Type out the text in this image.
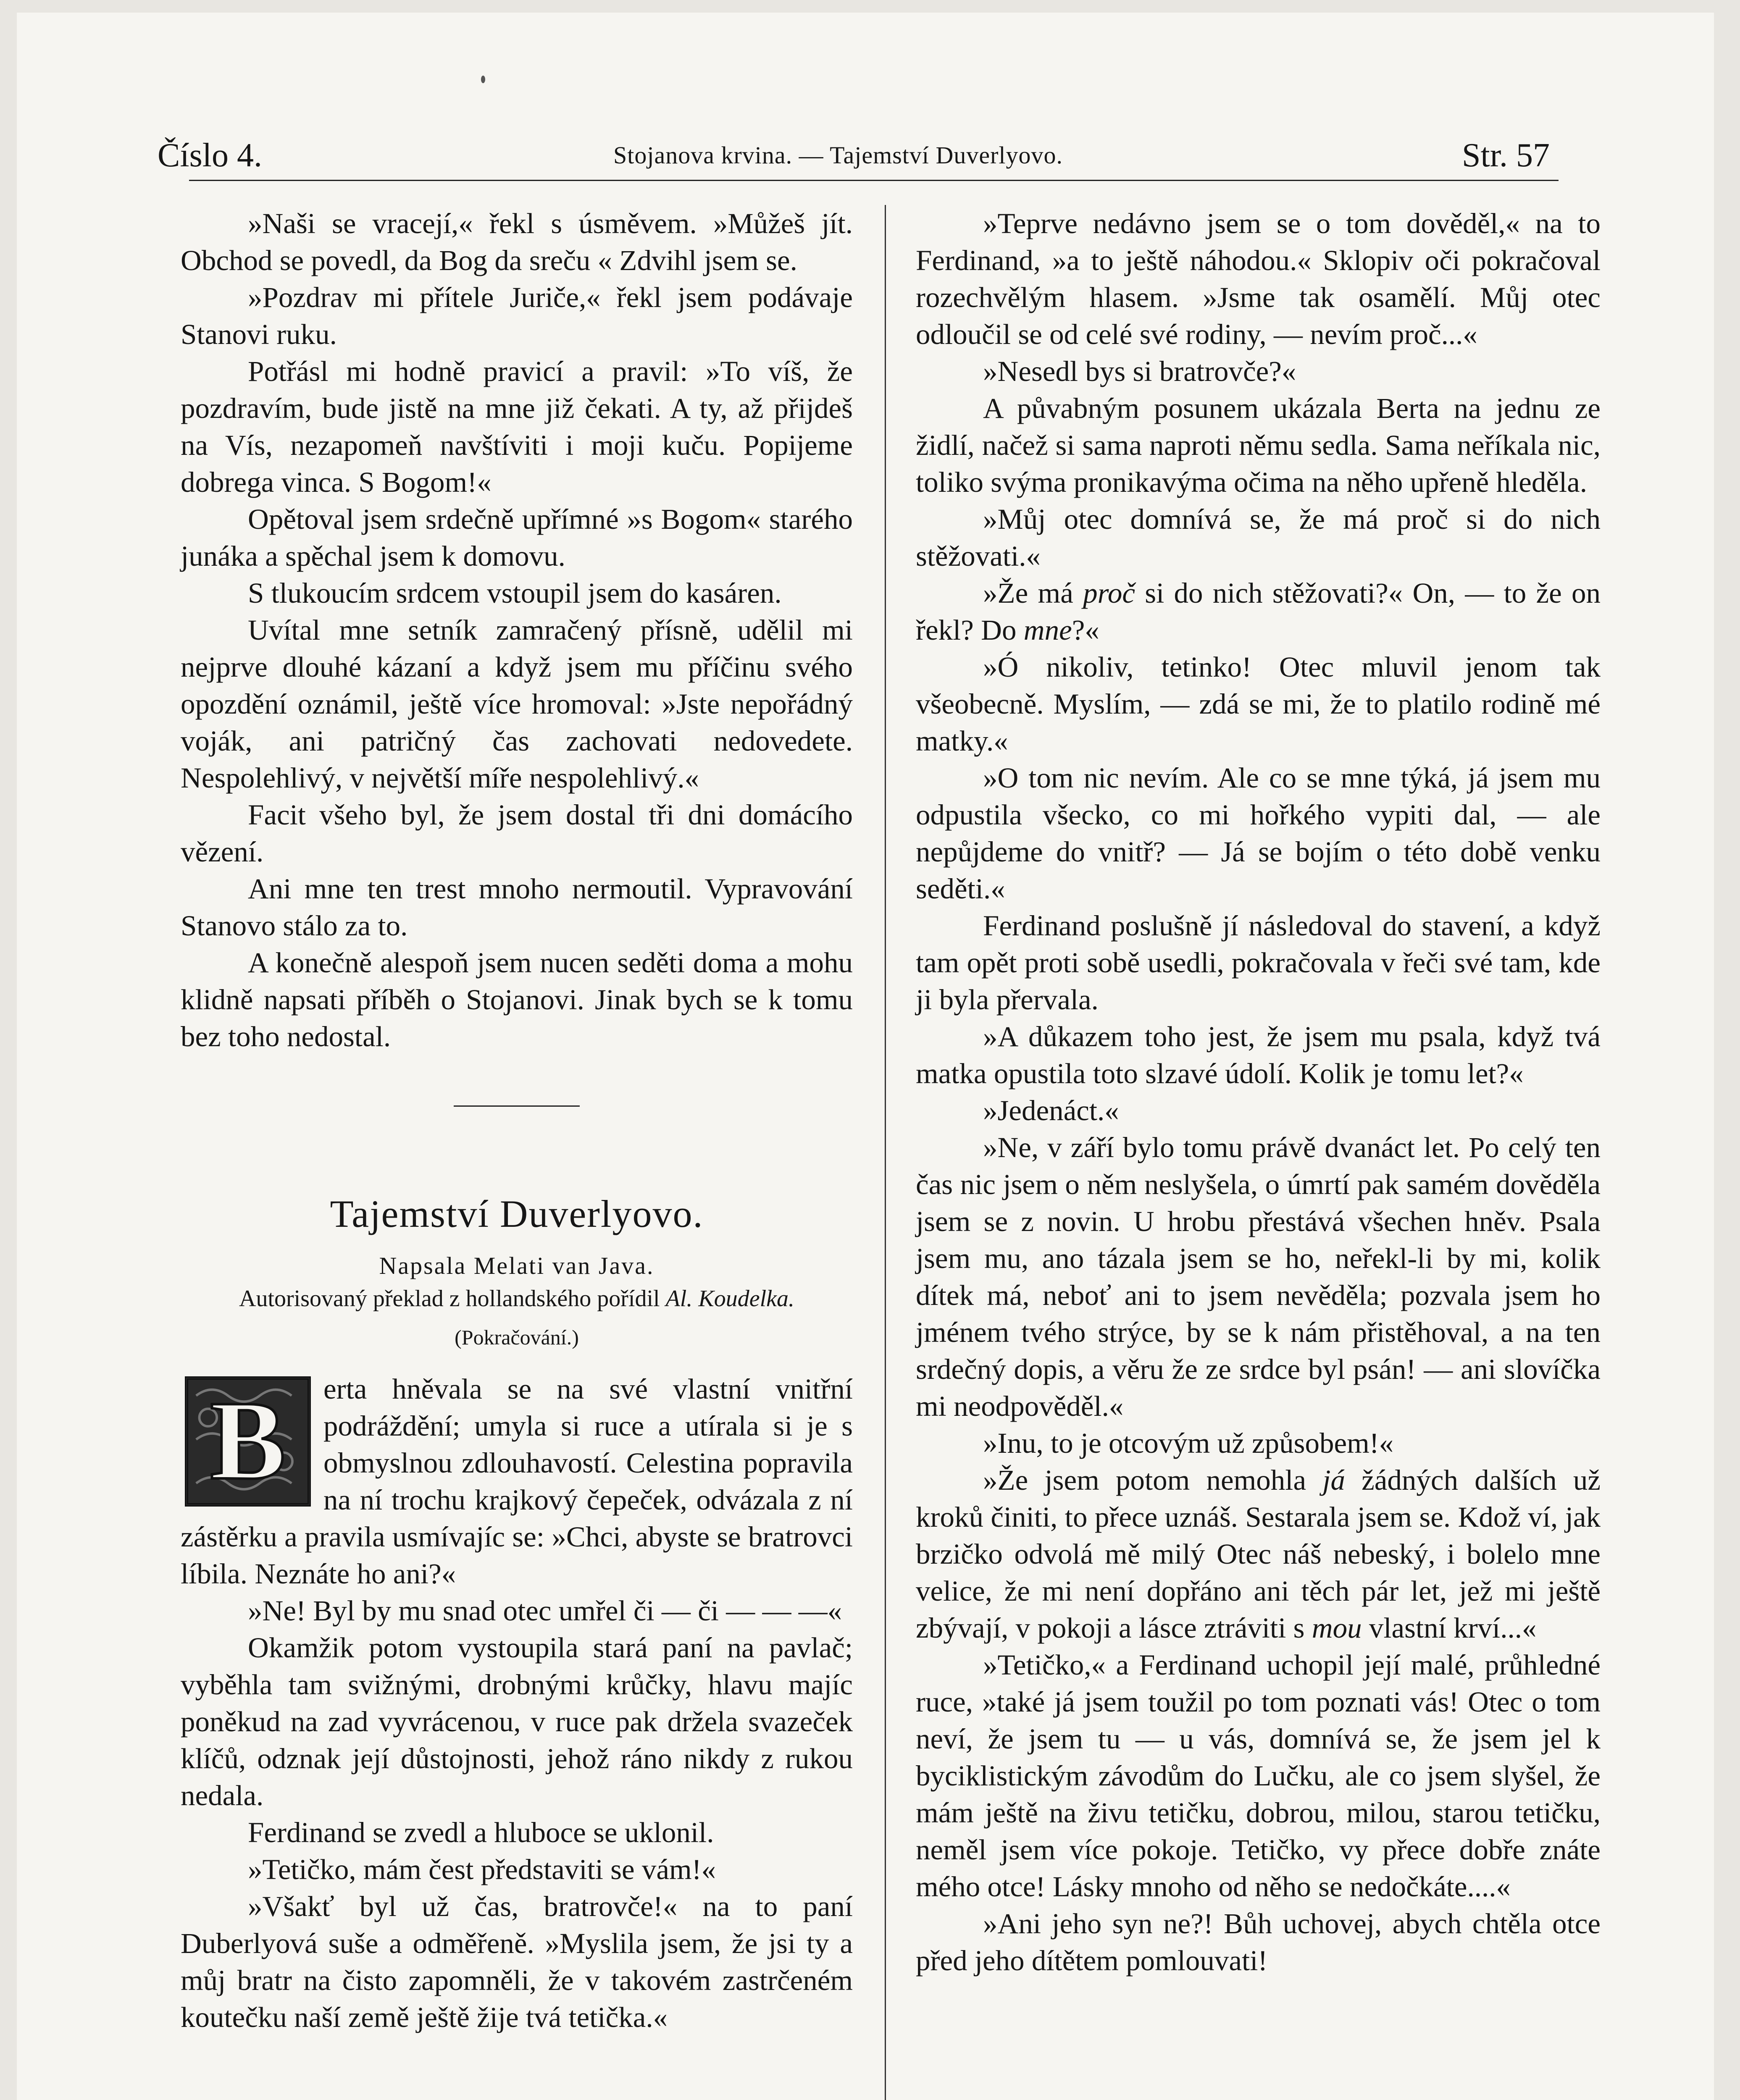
Číslo 4.	Stojanova krvina. — Tajemství Duverlyovo.	Str. 57

»Naši se vracejí,« řekl s úsměvem. »Můžeš jít. Obchod se povedl, da Bog da sreču « Zdvihl jsem se.

»Pozdrav mi přítele Juriče,« řekl jsem podávaje Stanovi ruku.

Potřásl mi hodně pravicí a pravil: »To víš, že pozdravím, bude jistě na mne již čekati. A ty, až přijdeš na Vís, nezapomeň navštíviti i moji kuču. Popijeme dobrega vinca. S Bogom!«

Opětoval jsem srdečně upřímné »s Bogom« starého junáka a spěchal jsem k domovu.

S tlukoucím srdcem vstoupil jsem do kasáren.

Uvítal mne setník zamračený přísně, udělil mi nejprve dlouhé kázaní a když jsem mu příčinu svého opozdění oznámil, ještě více hromoval: »Jste nepořádný voják, ani patričný čas zachovati nedovedete. Nespolehlivý, v největší míře nespolehlivý.«

Facit všeho byl, že jsem dostal tři dni domácího vězení.

Ani mne ten trest mnoho nermoutil. Vypravování Stanovo stálo za to.

A konečně alespoň jsem nucen seděti doma a mohu klidně napsati příběh o Stojanovi. Jinak bych se k tomu bez toho nedostal.

Tajemství Duverlyovo.

Napsala Melati van Java.

Autorisovaný překlad z hollandského pořídil Al. Koudelka.

(Pokračování.)

B	erta hněvala se na své vlastní vnitřní podráždění; umyla si ruce a utírala si je s obmyslnou zdlouhavostí. Celestina popravila na ní trochu krajkový čepeček, odvázala z ní zástěrku a pravila usmívajíc se: »Chci, abyste se bratrovci líbila. Neznáte ho ani?«

»Ne! Byl by mu snad otec umřel či — či — — —«

Okamžik potom vystoupila stará paní na pavlač; vyběhla tam svižnými, drobnými krůčky, hlavu majíc poněkud na zad vyvrácenou, v ruce pak držela svazeček klíčů, odznak její důstojnosti, jehož ráno nikdy z rukou nedala.

Ferdinand se zvedl a hluboce se uklonil.

»Tetičko, mám čest představiti se vám!«

»Všakť byl už čas, bratrovče!« na to paní Duberlyová suše a odměřeně. »Myslila jsem, že jsi ty a můj bratr na čisto zapomněli, že v takovém zastrčeném koutečku naší země ještě žije tvá tetička.«

»Teprve nedávno jsem se o tom dověděl,« na to Ferdinand, »a to ještě náhodou.« Sklopiv oči pokračoval rozechvělým hlasem. »Jsme tak osamělí. Můj otec odloučil se od celé své rodiny, — nevím proč...«

»Nesedl bys si bratrovče?«

A půvabným posunem ukázala Berta na jednu ze židlí, načež si sama naproti němu sedla. Sama neříkala nic, toliko svýma pronikavýma očima na něho upřeně hleděla.

»Můj otec domnívá se, že má proč si do nich stěžovati.«

»Že má proč si do nich stěžovati?« On, — to že on řekl? Do mne?«

»Ó nikoliv, tetinko! Otec mluvil jenom tak všeobecně. Myslím, — zdá se mi, že to platilo rodině mé matky.«

»O tom nic nevím. Ale co se mne týká, já jsem mu odpustila všecko, co mi hořkého vypiti dal, — ale nepůjdeme do vnitř? — Já se bojím o této době venku seděti.«

Ferdinand poslušně jí následoval do stavení, a když tam opět proti sobě usedli, pokračovala v řeči své tam, kde ji byla přervala.

»A důkazem toho jest, že jsem mu psala, když tvá matka opustila toto slzavé údolí. Kolik je tomu let?«

»Jedenáct.«

»Ne, v září bylo tomu právě dvanáct let. Po celý ten čas nic jsem o něm neslyšela, o úmrtí pak samém dověděla jsem se z novin. U hrobu přestává všechen hněv. Psala jsem mu, ano tázala jsem se ho, neřekl-li by mi, kolik dítek má, neboť ani to jsem nevěděla; pozvala jsem ho jménem tvého strýce, by se k nám přistěhoval, a na ten srdečný dopis, a věru že ze srdce byl psán! — ani slovíčka mi neodpověděl.«

»Inu, to je otcovým už způsobem!«

»Že jsem potom nemohla já žádných dalších už kroků činiti, to přece uznáš. Sestarala jsem se. Kdož ví, jak brzičko odvolá mě milý Otec náš nebeský, i bolelo mne velice, že mi není dopřáno ani těch pár let, jež mi ještě zbývají, v pokoji a lásce ztráviti s mou vlastní krví...«

»Tetičko,« a Ferdinand uchopil její malé, průhledné ruce, »také já jsem toužil po tom poznati vás! Otec o tom neví, že jsem tu — u vás, domnívá se, že jsem jel k byciklistickým závodům do Lučku, ale co jsem slyšel, že mám ještě na živu tetičku, dobrou, milou, starou tetičku, neměl jsem více pokoje. Tetičko, vy přece dobře znáte mého otce! Lásky mnoho od něho se nedočkáte....«

»Ani jeho syn ne?! Bůh uchovej, abych chtěla otce před jeho dítětem pomlouvati!
